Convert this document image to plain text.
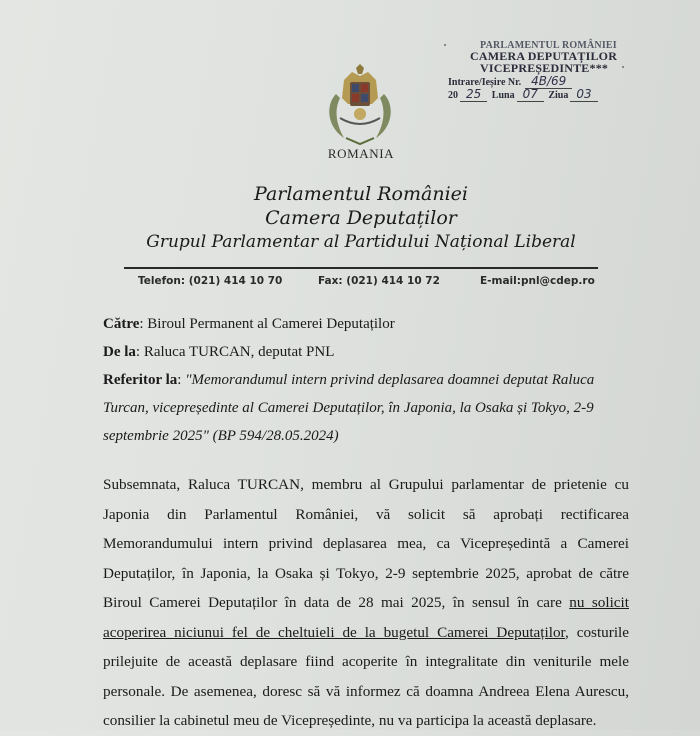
PARLAMENTUL ROMÂNIEI
CAMERA DEPUTAȚILOR
VICEPREȘEDINTE***
Intrare/Ieșire Nr. 4B/69
20 25 Luna 07 Ziua 03
ROMANIA
Parlamentul României
Camera Deputaților
Grupul Parlamentar al Partidului Național Liberal
Telefon: (021) 414 10 70	Fax: (021) 414 10 72	E-mail:pnl@cdep.ro
Către: Biroul Permanent al Camerei Deputaților
De la: Raluca TURCAN, deputat PNL
Referitor la: "Memorandumul intern privind deplasarea doamnei deputat Raluca
Turcan, vicepreședinte al Camerei Deputaților, în Japonia, la Osaka și Tokyo, 2-9
septembrie 2025" (BP 594/28.05.2024)
Subsemnata, Raluca TURCAN, membru al Grupului parlamentar de prietenie cu Japonia din Parlamentul României, vă solicit să aprobați rectificarea Memorandumului intern privind deplasarea mea, ca Vicepreședintă a Camerei Deputaților, în Japonia, la Osaka și Tokyo, 2-9 septembrie 2025, aprobat de către Biroul Camerei Deputaților în data de 28 mai 2025, în sensul în care nu solicit acoperirea niciunui fel de cheltuieli de la bugetul Camerei Deputaților, costurile prilejuite de această deplasare fiind acoperite în integralitate din veniturile mele personale. De asemenea, doresc să vă informez că doamna Andreea Elena Aurescu, consilier la cabinetul meu de Vicepreședinte, nu va participa la această deplasare.
